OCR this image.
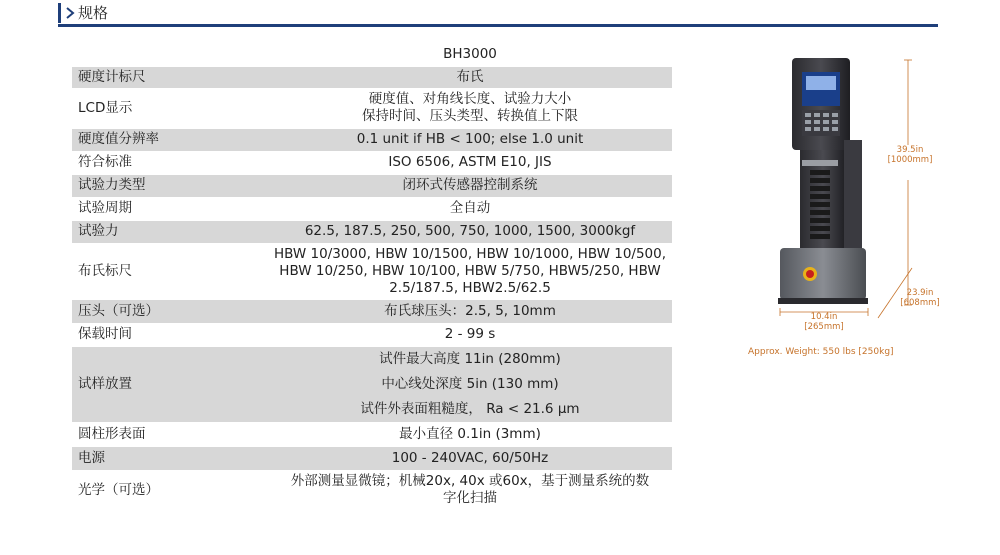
规格
	BH3000
硬度计标尺	布氏

LCD显示	硬度值、对角线长度、试验力大小
保持时间、压头类型、转换值上下限

硬度值分辨率	0.1 unit if HB < 100; else 1.0 unit

符合标准	ISO 6506, ASTM E10, JIS

试验力类型	闭环式传感器控制系统

试验周期	全自动

试验力	62.5, 187.5, 250, 500, 750, 1000, 1500, 3000kgf

布氏标尺	HBW 10/3000, HBW 10/1500, HBW 10/1000, HBW 10/500,
HBW 10/250, HBW 10/100, HBW 5/750, HBW5/250, HBW
2.5/187.5, HBW2.5/62.5

压头（可选）	布氏球压头：2.5, 5, 10mm

保载时间	2 - 99 s

试样放置	试件最大高度 11in (280mm)
中心线处深度 5in (130 mm)
试件外表面粗糙度， Ra < 21.6 µm

圆柱形表面	最小直径 0.1in (3mm)

电源	100 - 240VAC, 60/50Hz

光学（可选）	外部测量显微镜；机械20x, 40x 或60x，基于测量系统的数
字化扫描
39.5in
[1000mm]
23.9in
[608mm]
10.4in
[265mm]
Approx. Weight: 550 lbs [250kg]
